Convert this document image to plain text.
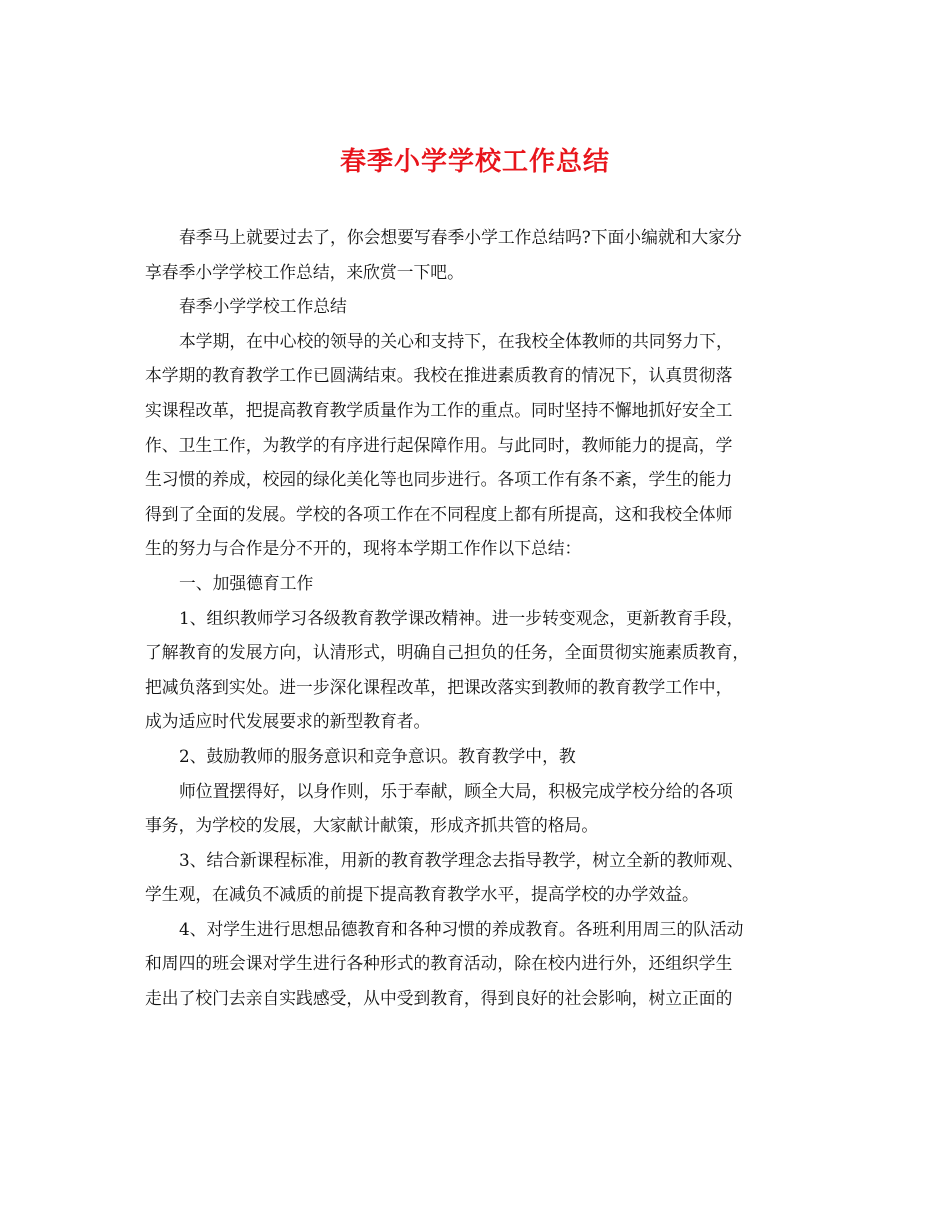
春季小学学校工作总结
春季马上就要过去了，你会想要写春季小学工作总结吗?下面小编就和大家分
享春季小学学校工作总结，来欣赏一下吧。
春季小学学校工作总结
本学期，在中心校的领导的关心和支持下，在我校全体教师的共同努力下，
本学期的教育教学工作已圆满结束。我校在推进素质教育的情况下，认真贯彻落
实课程改革，把提高教育教学质量作为工作的重点。同时坚持不懈地抓好安全工
作、卫生工作，为教学的有序进行起保障作用。与此同时，教师能力的提高，学
生习惯的养成，校园的绿化美化等也同步进行。各项工作有条不紊，学生的能力
得到了全面的发展。学校的各项工作在不同程度上都有所提高，这和我校全体师
生的努力与合作是分不开的，现将本学期工作作以下总结：
一、加强德育工作
1、组织教师学习各级教育教学课改精神。进一步转变观念，更新教育手段，
了解教育的发展方向，认清形式，明确自己担负的任务，全面贯彻实施素质教育，
把减负落到实处。进一步深化课程改革，把课改落实到教师的教育教学工作中，
成为适应时代发展要求的新型教育者。
2、鼓励教师的服务意识和竞争意识。教育教学中，教
师位置摆得好，以身作则，乐于奉献，顾全大局，积极完成学校分给的各项
事务，为学校的发展，大家献计献策，形成齐抓共管的格局。
3、结合新课程标准，用新的教育教学理念去指导教学，树立全新的教师观、
学生观，在减负不减质的前提下提高教育教学水平，提高学校的办学效益。
4、对学生进行思想品德教育和各种习惯的养成教育。各班利用周三的队活动
和周四的班会课对学生进行各种形式的教育活动，除在校内进行外，还组织学生
走出了校门去亲自实践感受，从中受到教育，得到良好的社会影响，树立正面的
